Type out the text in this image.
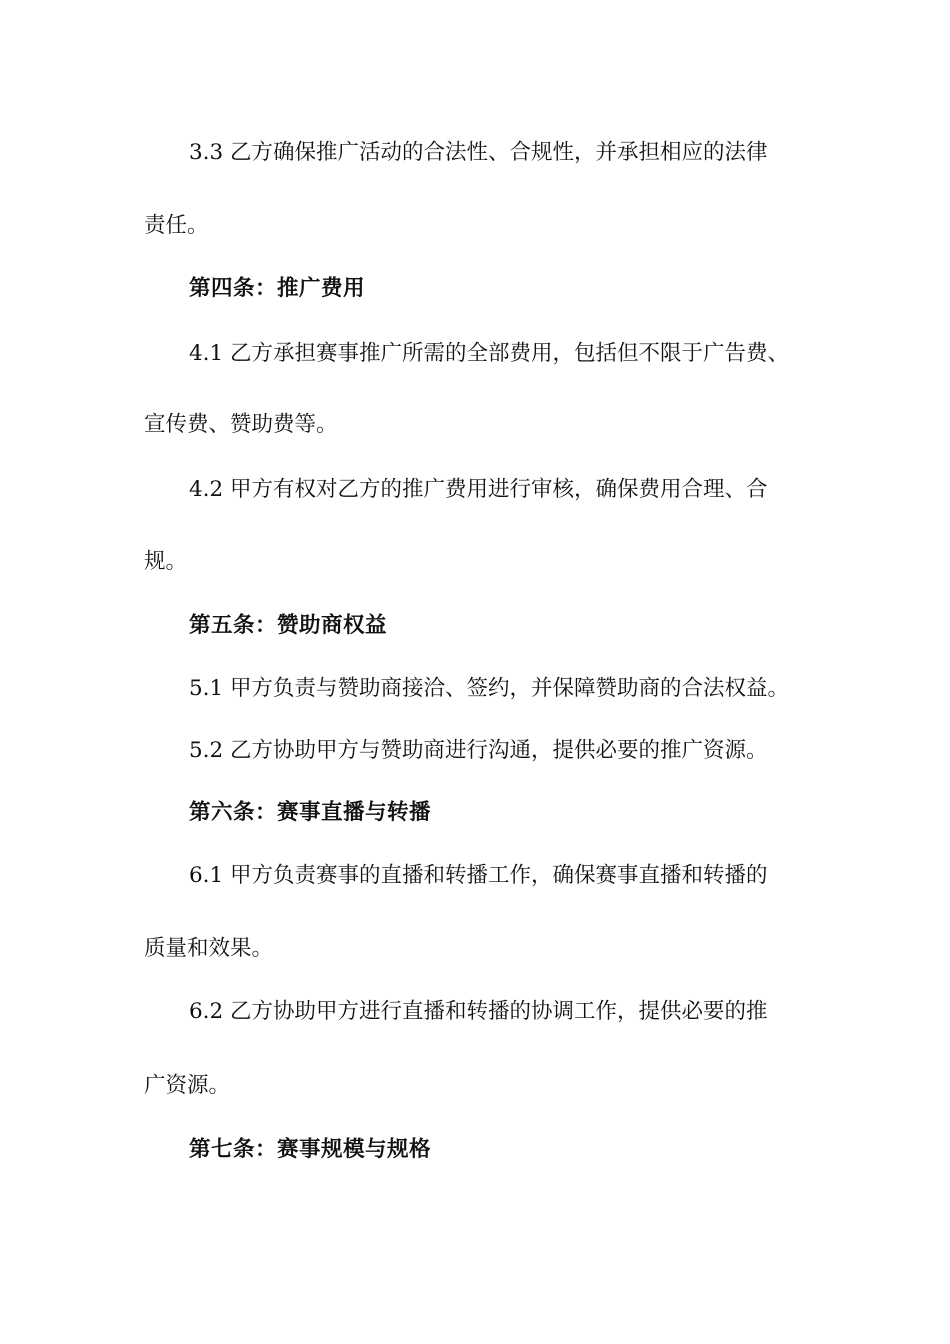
3.3 乙方确保推广活动的合法性、合规性，并承担相应的法律
责任。
第四条：推广费用
4.1 乙方承担赛事推广所需的全部费用，包括但不限于广告费、
宣传费、赞助费等。
4.2 甲方有权对乙方的推广费用进行审核，确保费用合理、合
规。
第五条：赞助商权益
5.1 甲方负责与赞助商接洽、签约，并保障赞助商的合法权益。
5.2 乙方协助甲方与赞助商进行沟通，提供必要的推广资源。
第六条：赛事直播与转播
6.1 甲方负责赛事的直播和转播工作，确保赛事直播和转播的
质量和效果。
6.2 乙方协助甲方进行直播和转播的协调工作，提供必要的推
广资源。
第七条：赛事规模与规格
